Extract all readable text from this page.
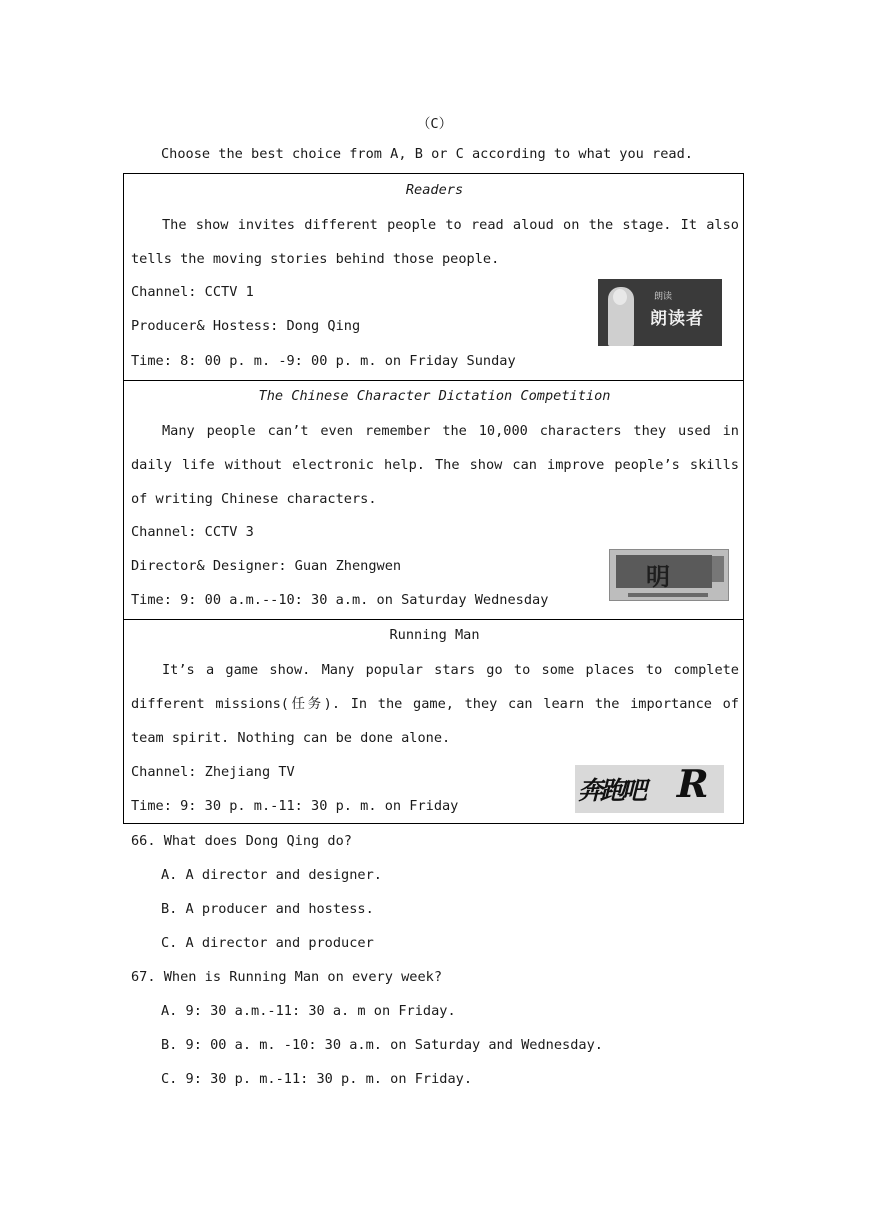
（C）
Choose the best choice from A, B or C according to what you read.
Readers
The show invites different people to read aloud on the stage. It also tells the moving stories behind those people.
Channel: CCTV 1
Producer& Hostess: Dong Qing
Time: 8: 00 p. m. -9: 00 p. m. on Friday Sunday
朗读
朗读者
The Chinese Character Dictation Competition
Many people can’t even remember the 10,000 characters they used in daily life without electronic help. The show can improve people’s skills of writing Chinese characters.
Channel: CCTV 3
Director& Designer: Guan Zhengwen
Time: 9: 00 a.m.--10: 30 a.m. on Saturday Wednesday
明
Running Man
It’s a game show. Many popular stars go to some places to complete different missions(任务). In the game, they can learn the importance of team spirit. Nothing can be done alone.
Channel: Zhejiang TV
Time: 9: 30 p. m.-11: 30 p. m. on Friday
奔跑吧 R
66. What does Dong Qing do?
A. A director and designer.
B. A producer and hostess.
C. A director and producer
67. When is Running Man on every week?
A. 9: 30 a.m.-11: 30 a. m on Friday.
B. 9: 00 a. m. -10: 30 a.m. on Saturday and Wednesday.
C. 9: 30 p. m.-11: 30 p. m. on Friday.
